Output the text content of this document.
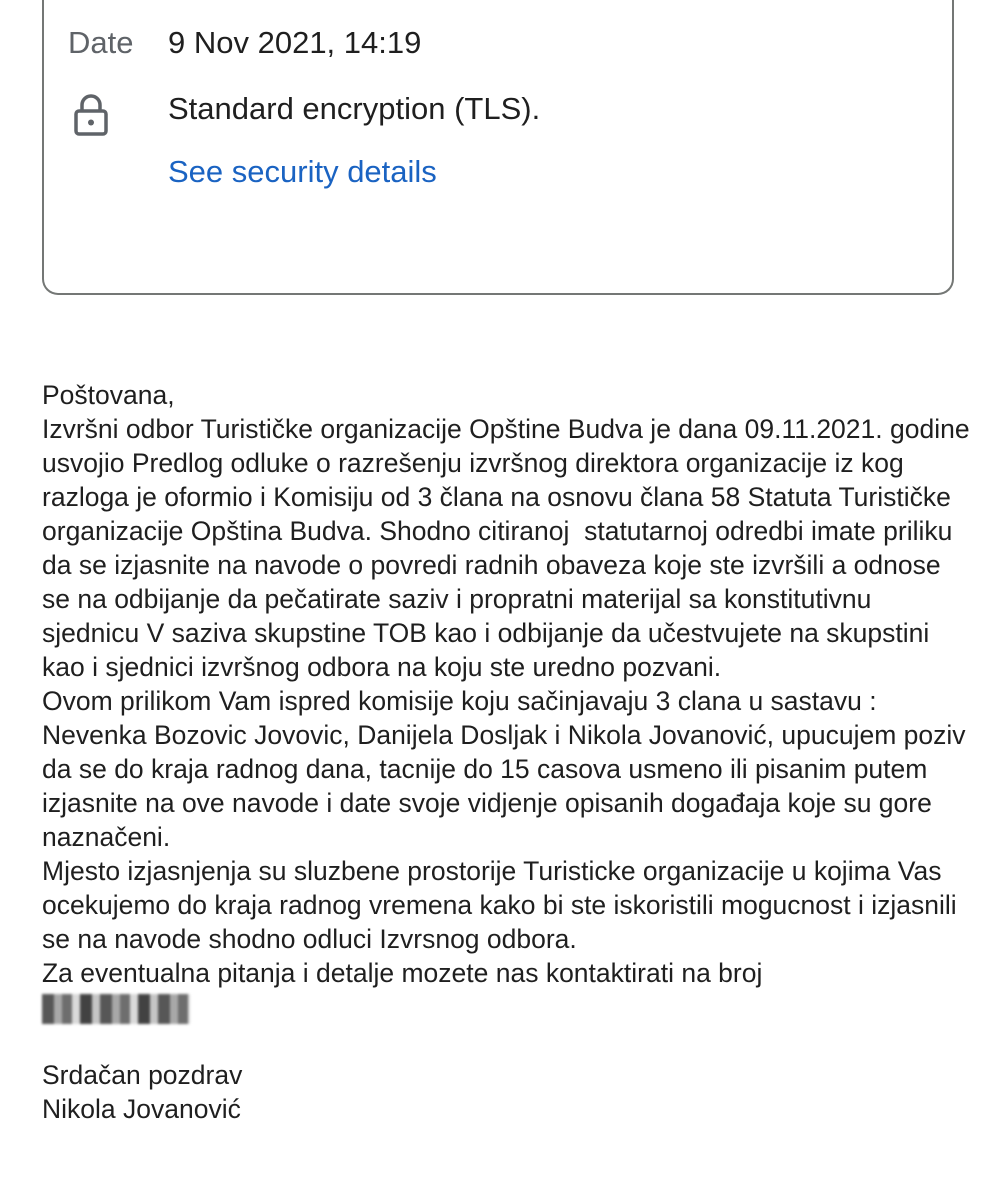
Date 9 Nov 2021, 14:19
Standard encryption (TLS).
See security details

Poštovana,

Izvršni odbor Turističke organizacije Opštine Budva je dana 09.11.2021. godine usvojio Predlog odluke o razrešenju izvršnog direktora organizacije iz kog razloga je oformio i Komisiju od 3 člana na osnovu člana 58 Statuta Turističke organizacije Opština Budva. Shodno citiranoj  statutarnoj odredbi imate priliku da se izjasnite na navode o povredi radnih obaveza koje ste izvršili a odnose se na odbijanje da pečatirate saziv i propratni materijal sa konstitutivnu sjednicu V saziva skupstine TOB kao i odbijanje da učestvujete na skupstini kao i sjednici izvršnog odbora na koju ste uredno pozvani.

Ovom prilikom Vam ispred komisije koju sačinjavaju 3 clana u sastavu : Nevenka Bozovic Jovovic, Danijela Dosljak i Nikola Jovanović, upucujem poziv da se do kraja radnog dana, tacnije do 15 casova usmeno ili pisanim putem izjasnite na ove navode i date svoje vidjenje opisanih događaja koje su gore naznačeni.

Mjesto izjasnjenja su sluzbene prostorije Turisticke organizacije u kojima Vas ocekujemo do kraja radnog vremena kako bi ste iskoristili mogucnost i izjasnili se na navode shodno odluci Izvrsnog odbora.

Za eventualna pitanja i detalje mozete nas kontaktirati na broj

Srdačan pozdrav

Nikola Jovanović
